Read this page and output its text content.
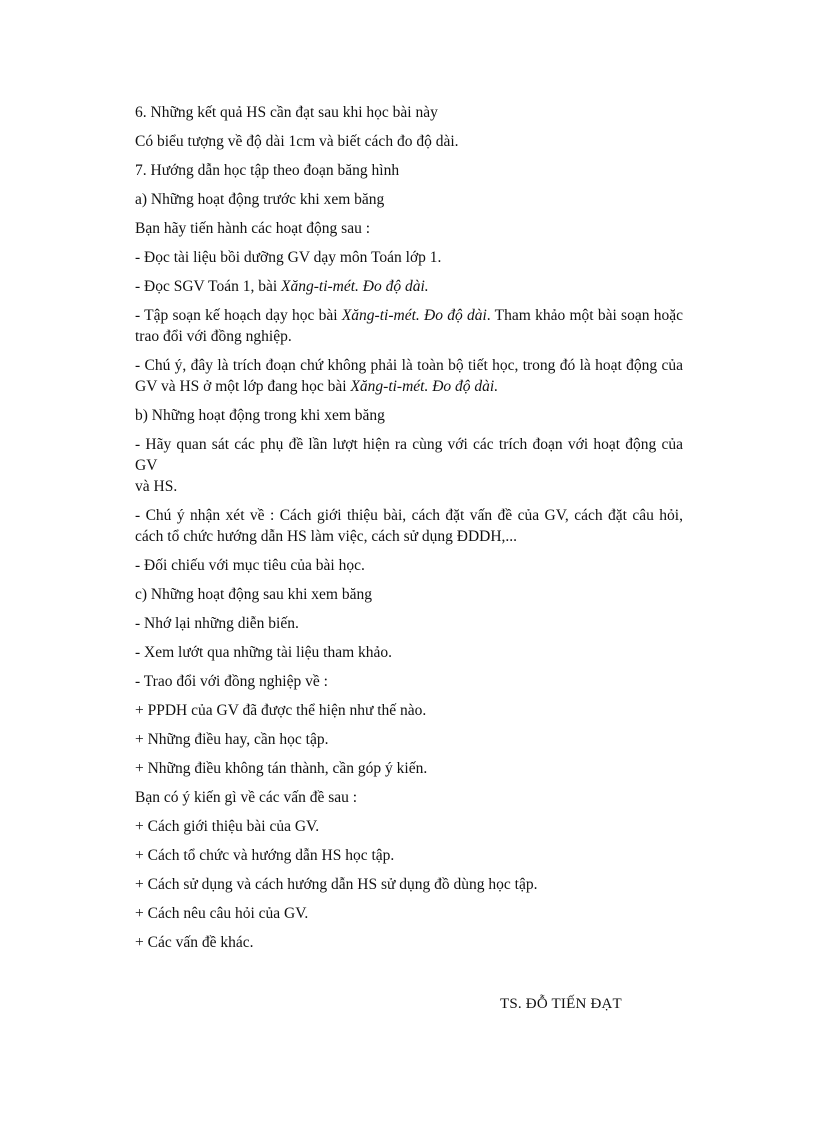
6. Những kết quả HS cần đạt sau khi học bài này

Có biểu tượng về độ dài 1cm và biết cách đo độ dài.

7. Hướng dẫn học tập theo đoạn băng hình

a) Những hoạt động trước khi xem băng

Bạn hãy tiến hành các hoạt động sau :

- Đọc tài liệu bồi dưỡng GV dạy môn Toán lớp 1.

- Đọc SGV Toán 1, bài Xăng-ti-mét. Đo độ dài.

- Tập soạn kế hoạch dạy học bài Xăng-ti-mét. Đo độ dài. Tham khảo một bài soạn hoặc trao đổi với đồng nghiệp.

- Chú ý, đây là trích đoạn chứ không phải là toàn bộ tiết học, trong đó là hoạt động của GV và HS ở một lớp đang học bài Xăng-ti-mét. Đo độ dài.

b) Những hoạt động trong khi xem băng

- Hãy quan sát các phụ đề lần lượt hiện ra cùng với các trích đoạn với hoạt động của GV

và HS.

- Chú ý nhận xét về : Cách giới thiệu bài, cách đặt vấn đề của GV, cách đặt câu hỏi, cách tổ chức hướng dẫn HS làm việc, cách sử dụng ĐDDH,...

- Đối chiếu với mục tiêu của bài học.

c) Những hoạt động sau khi xem băng

- Nhớ lại những diễn biến.

- Xem lướt qua những tài liệu tham khảo.

- Trao đổi với đồng nghiệp về :

+ PPDH của GV đã được thể hiện như thế nào.

+ Những điều hay, cần học tập.

+ Những điều không tán thành, cần góp ý kiến.

Bạn có ý kiến gì về các vấn đề sau :

+ Cách giới thiệu bài của GV.

+ Cách tổ chức và hướng dẫn HS học tập.

+ Cách sử dụng và cách hướng dẫn HS sử dụng đồ dùng học tập.

+ Cách nêu câu hỏi của GV.

+ Các vấn đề khác.

TS. ĐỖ TIẾN ĐẠT
